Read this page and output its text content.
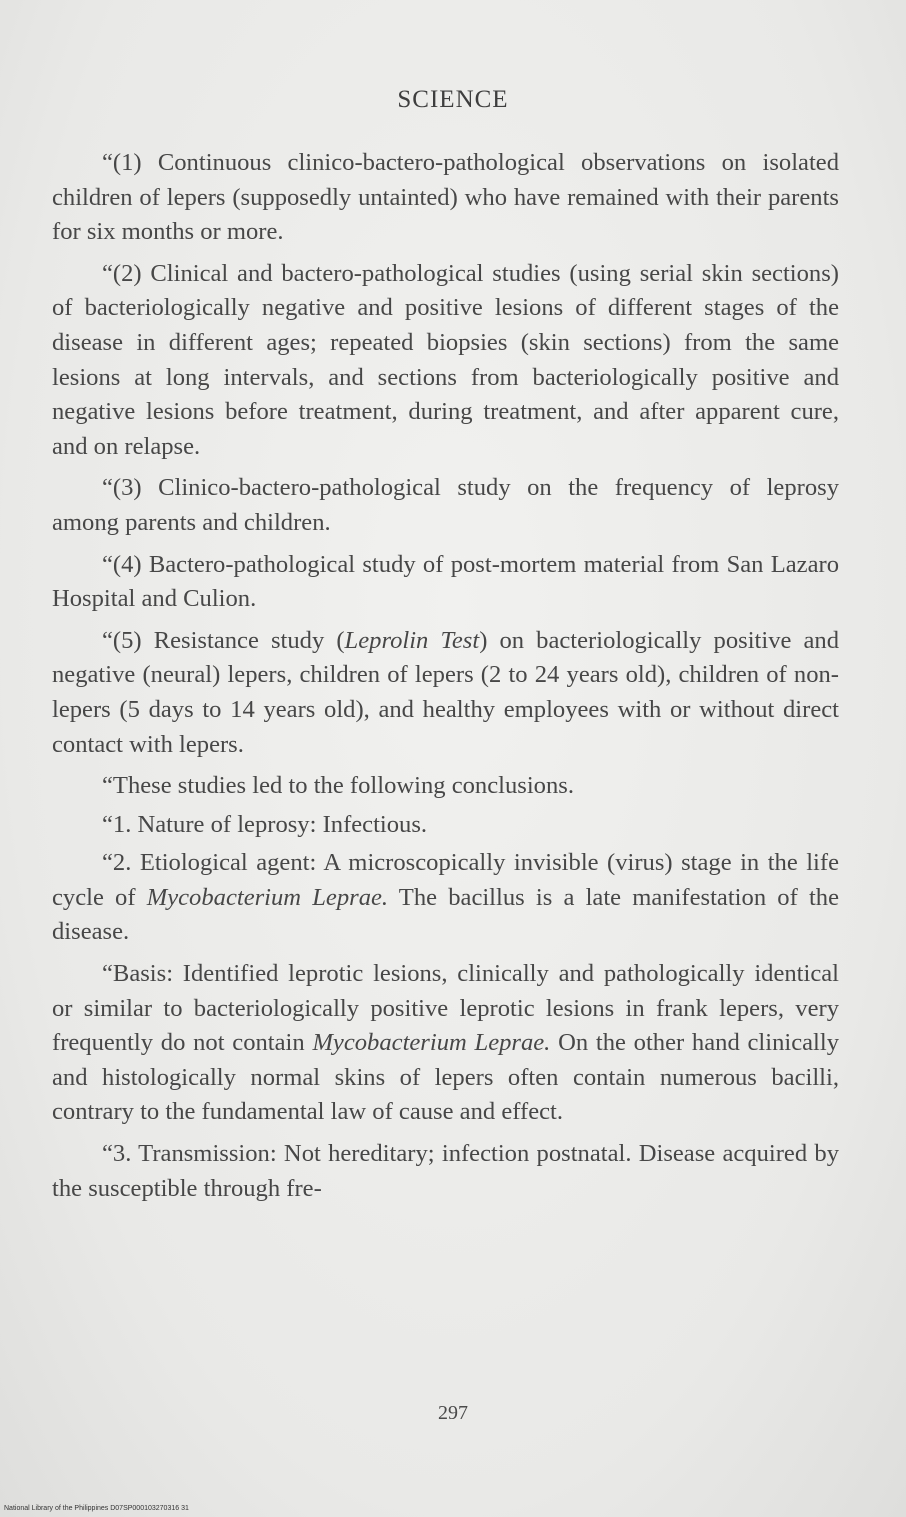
SCIENCE

“(1) Continuous clinico-bactero-pathological observations on isolated children of lepers (supposedly untainted) who have remained with their parents for six months or more.

“(2) Clinical and bactero-pathological studies (using serial skin sections) of bacteriologically negative and positive lesions of different stages of the disease in different ages; repeated biopsies (skin sections) from the same lesions at long intervals, and sections from bacteriologically positive and negative lesions before treatment, during treatment, and after apparent cure, and on relapse.

“(3) Clinico-bactero-pathological study on the frequency of leprosy among parents and children.

“(4) Bactero-pathological study of post-mortem material from San Lazaro Hospital and Culion.

“(5) Resistance study (Leprolin Test) on bacteriologically positive and negative (neural) lepers, children of lepers (2 to 24 years old), children of non-lepers (5 days to 14 years old), and healthy employees with or without direct contact with lepers.

“These studies led to the following conclusions.

“1. Nature of leprosy: Infectious.

“2. Etiological agent: A microscopically invisible (virus) stage in the life cycle of Mycobacterium Leprae. The bacillus is a late manifestation of the disease.

“Basis: Identified leprotic lesions, clinically and pathologically identical or similar to bacteriologically positive leprotic lesions in frank lepers, very frequently do not contain Mycobacterium Leprae. On the other hand clinically and histologically normal skins of lepers often contain numerous bacilli, contrary to the fundamental law of cause and effect.

“3. Transmission: Not hereditary; infection postnatal. Disease acquired by the susceptible through fre-

297
National Library of the Philippines D07SP000103270316 31
